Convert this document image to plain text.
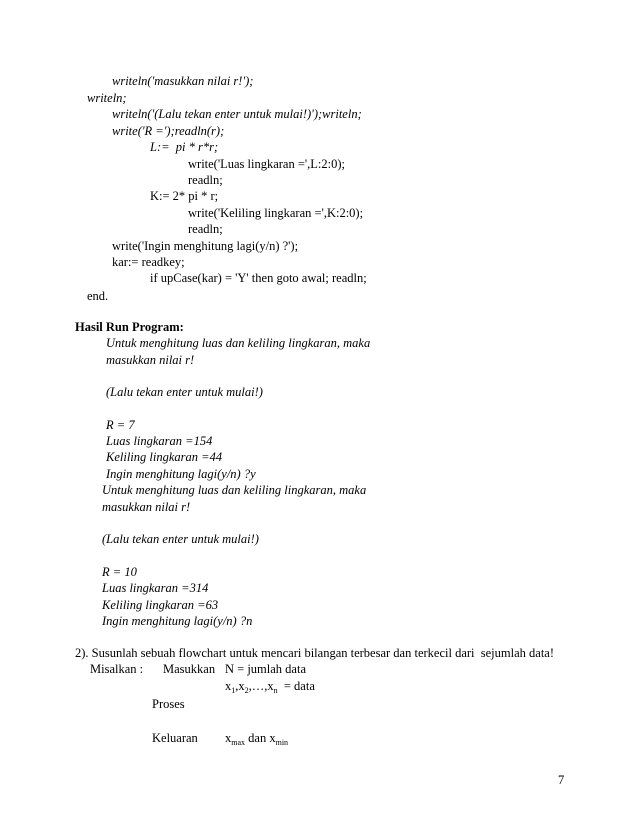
writeln('masukkan nilai r!');
writeln;
writeln('(Lalu tekan enter untuk mulai!)');writeln;
write('R =');readln(r);
L:=  pi * r*r;
write('Luas lingkaran =',L:2:0);
readln;
K:= 2* pi * r;
write('Keliling lingkaran =',K:2:0);
readln;
write('Ingin menghitung lagi(y/n) ?');
kar:= readkey;
if upCase(kar) = 'Y' then goto awal; readln;
end.
Hasil Run Program:
Untuk menghitung luas dan keliling lingkaran, maka
masukkan nilai r!
(Lalu tekan enter untuk mulai!)
R = 7
Luas lingkaran =154
Keliling lingkaran =44
Ingin menghitung lagi(y/n) ?y
Untuk menghitung luas dan keliling lingkaran, maka
masukkan nilai r!
(Lalu tekan enter untuk mulai!)
R = 10
Luas lingkaran =314
Keliling lingkaran =63
Ingin menghitung lagi(y/n) ?n
2). Susunlah sebuah flowchart untuk mencari bilangan terbesar dan terkecil dari  sejumlah data!
Misalkan : Masukkan N = jumlah data
$x_1,x_2,\dots,x_n$  = data
Proses
Keluaran $x_{max}$ dan $x_{min}$
7
